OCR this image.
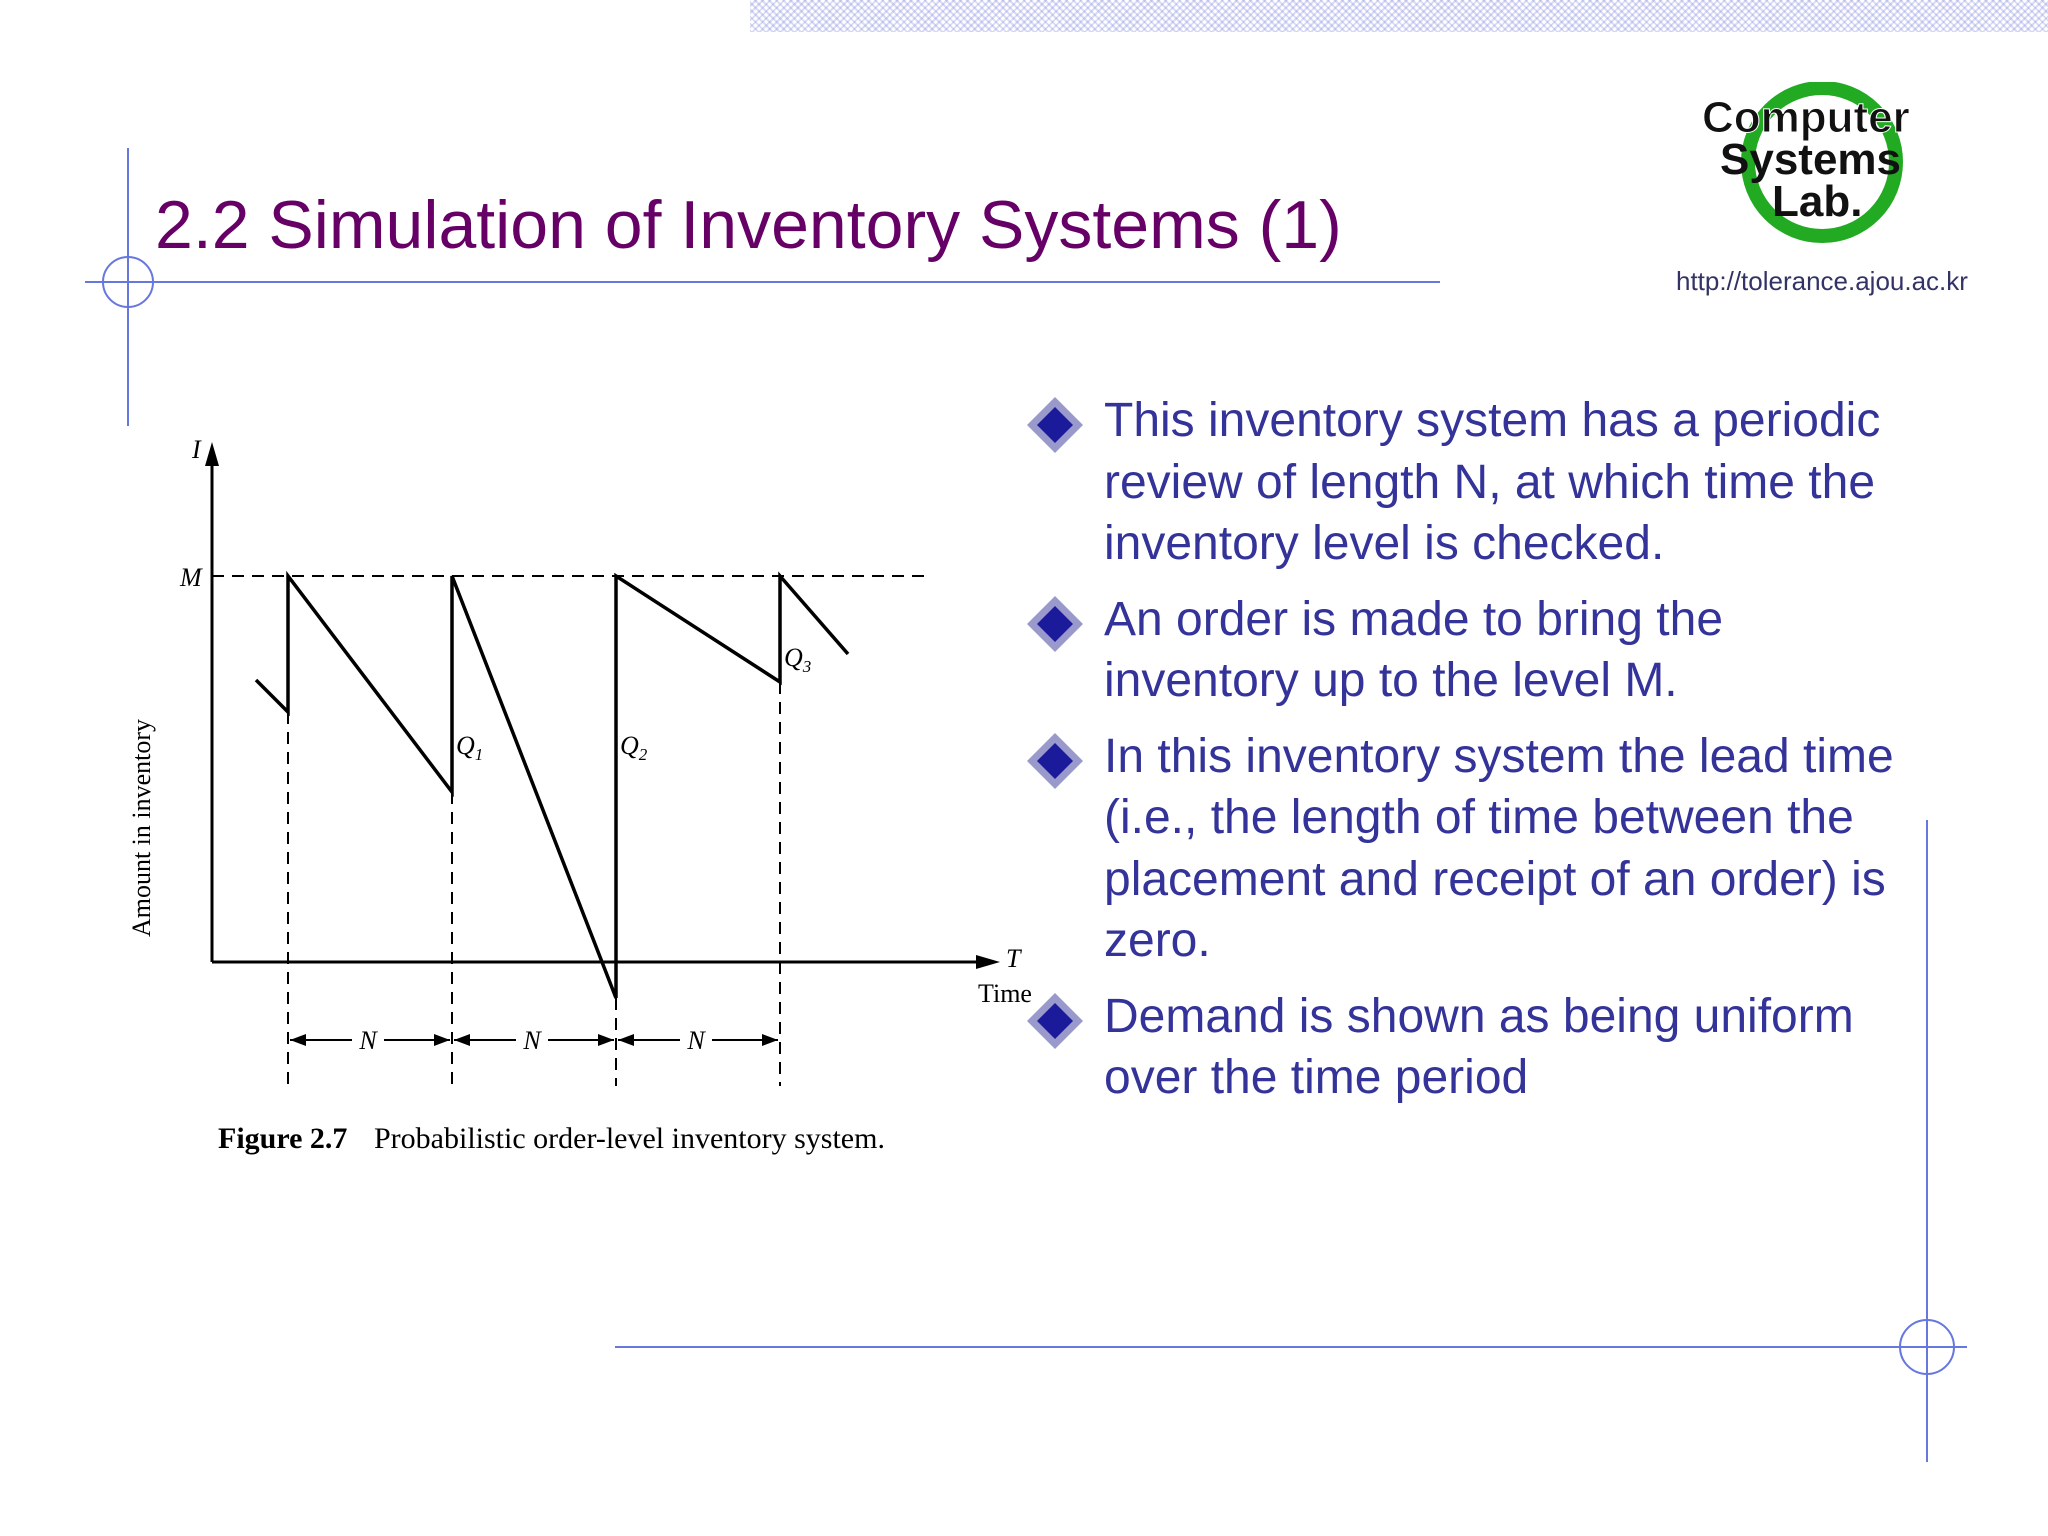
2.2 Simulation of Inventory Systems (1)
Computer
Systems
Lab.
http://tolerance.ajou.ac.kr
I
M
T
Time
Amount in inventory	$Q_1$	$Q_2$
$Q_3$
N	N	N
Figure 2.7 Probabilistic order-level inventory system.
This inventory system has a periodic review of length N, at which time the inventory level is checked.
An order is made to bring the inventory up to the level M.
In this inventory system the lead time (i.e., the length of time between the placement and receipt of an order) is zero.
Demand is shown as being uniform over the time period
